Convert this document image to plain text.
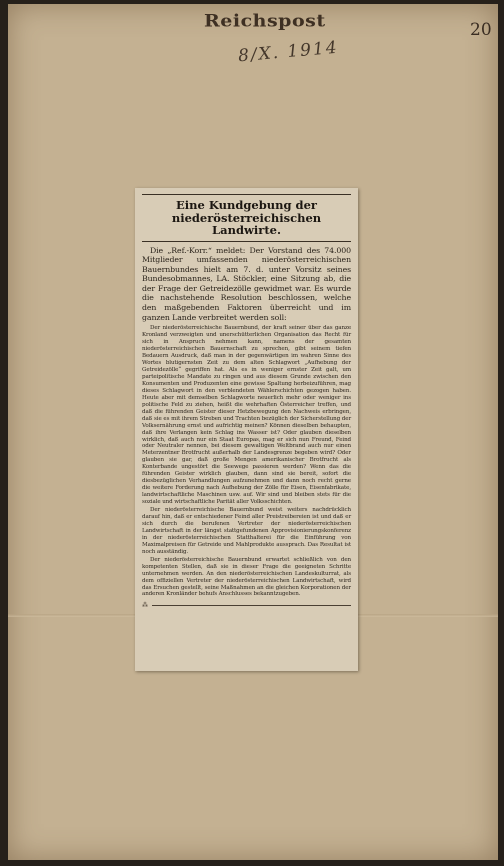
Reichspost	20
8/X. 1914
Eine Kundgebung der niederösterreichischen Landwirte.

Die „Ref.-Korr.“ meldet: Der Vorstand des 74.000 Mitglieder umfassenden niederösterreichischen Bauernbundes hielt am 7. d. unter Vorsitz seines Bundesobmannes, LA. Stöckler, eine Sitzung ab, die der Frage der Getreidezölle gewidmet war. Es wurde die nachstehende Resolution beschlossen, welche den maßgebenden Faktoren überreicht und im ganzen Lande verbreitet werden soll:

Der niederösterreichische Bauernbund, der kraft seiner über das ganze Kronland verzweigten und unerschütterlichen Organisation das Recht für sich in Anspruch nehmen kann, namens der gesamten niederösterreichischen Bauernschaft zu sprechen, gibt seinem tiefen Bedauern Ausdruck, daß man in der gegenwärtigen im wahren Sinne des Wortes blutigernsten Zeit zu dem alten Schlagwort „Aufhebung der Getreidezölle“ gegriffen hat. Als es in weniger ernster Zeit galt, um parteipolitische Mandate zu ringen und aus diesem Grunde zwischen den Konsumenten und Produzenten eine gewisse Spaltung herbeizuführen, mag dieses Schlagwort in den verblendeten Wählerschichten gezogen haben. Heute aber mit demselben Schlagworte neuerlich mehr oder weniger ins politische Feld zu ziehen, heißt die wehrhaften Österreicher treffen, und daß die führenden Geister dieser Hetzbewegung den Nachweis erbringen, daß sie es mit ihrem Streben und Trachten bezüglich der Sicherstellung der Volksernährung ernst und aufrichtig meinen? Können dieselben behaupten, daß ihre Verlangen kein Schlag ins Wasser ist? Oder glauben dieselben wirklich, daß auch nur ein Staat Europas, mag er sich nun Freund, Feind oder Neutraler nennen, bei diesem gewaltigen Weltbrand auch nur einen Meterzentner Brotfrucht außerhalb der Landesgrenze begeben wird? Oder glauben sie gar, daß große Mengen amerikanischer Brotfrucht als Konterbande ungestört die Seewege passieren werden? Wenn das die führenden Geister wirklich glauben, dann sind sie bereit, sofort die diesbezüglichen Verhandlungen aufzunehmen und dann noch recht gerne die weitere Forderung nach Aufhebung der Zölle für Eisen, Eisenfabrikate, landwirtschaftliche Maschinen usw. auf. Wir sind und bleiben stets für die soziale und wirtschaftliche Parität aller Volksschichten.

Der niederösterreichische Bauernbund weist weiters nachdrücklich darauf hin, daß er entschiedener Feind aller Preistreibereien ist und daß er sich durch die berufenen Vertreter der niederösterreichischen Landwirtschaft in der längst stattgefundenen Approvisionierungskonferenz in der niederösterreichischen Statthalterei für die Einführung von Maximalpreisen für Getreide und Mahlprodukte aussprach. Das Resultat ist noch ausständig.

Der niederösterreichische Bauernbund erwartet schließlich von den kompetenten Stellen, daß sie in dieser Frage die geeigneten Schritte unternehmen werden. An den niederösterreichischen Landeskulturrat, als dem offiziellen Vertreter der niederösterreichischen Landwirtschaft, wird das Ersuchen gestellt, seine Maßnahmen an die gleichen Korporationen der anderen Kronländer behufs Anschlusses bekanntzugeben.

⁂
